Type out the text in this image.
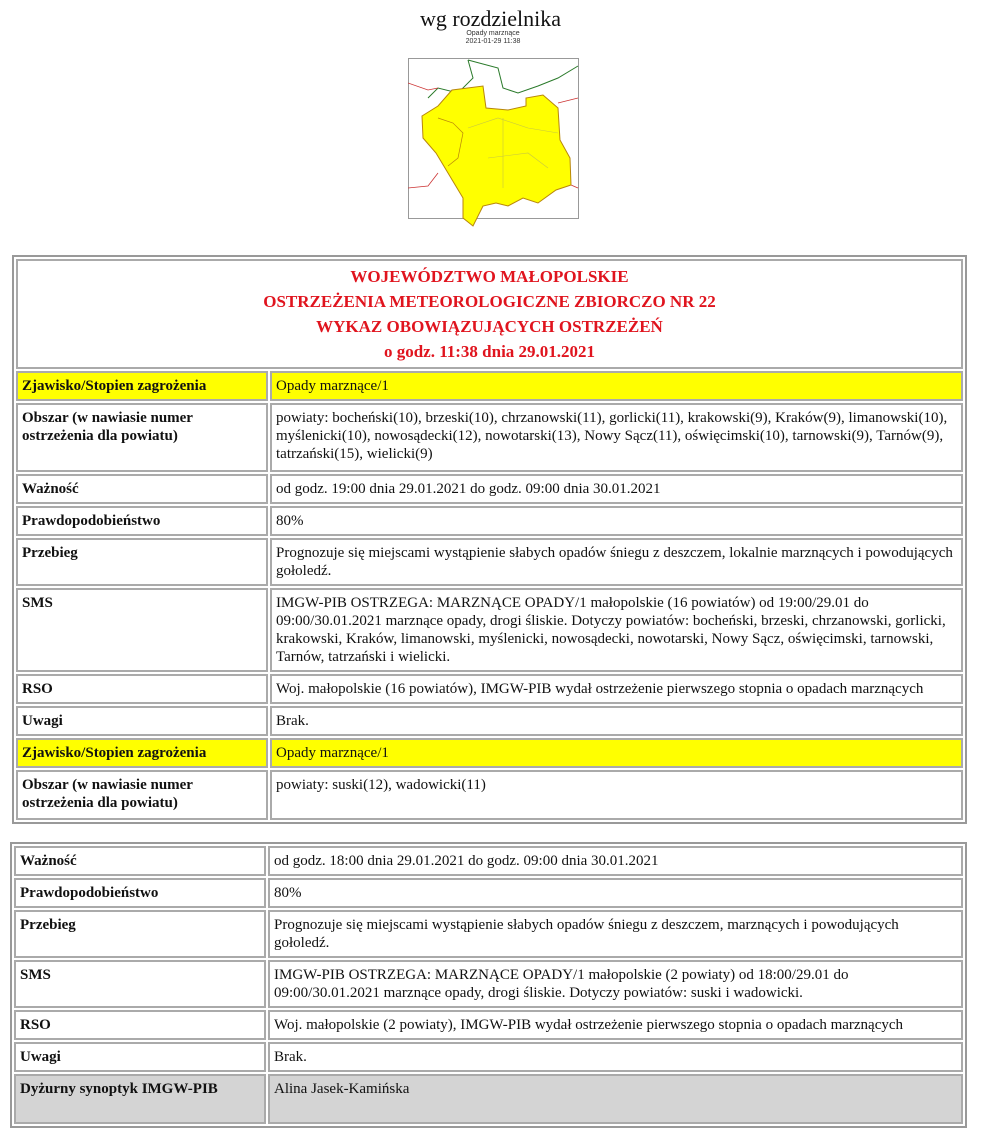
wg rozdzielnika
Opady marznące
2021-01-29 11:38
WOJEWÓDZTWO MAŁOPOLSKIE
OSTRZEŻENIA METEOROLOGICZNE ZBIORCZO NR 22
WYKAZ OBOWIĄZUJĄCYCH OSTRZEŻEŃ
o godz. 11:38 dnia 29.01.2021	

Zjawisko/Stopien zagrożenia	Opady marznące/1
Obszar (w nawiasie numer ostrzeżenia dla powiatu)	powiaty: bocheński(10), brzeski(10), chrzanowski(11), gorlicki(11), krakowski(9), Kraków(9), limanowski(10), myślenicki(10), nowosądecki(12), nowotarski(13), Nowy Sącz(11), oświęcimski(10), tarnowski(9), Tarnów(9), tatrzański(15), wielicki(9)
Ważność	od godz. 19:00 dnia 29.01.2021 do godz. 09:00 dnia 30.01.2021
Prawdopodobieństwo	80%
Przebieg	Prognozuje się miejscami wystąpienie słabych opadów śniegu z deszczem, lokalnie marznących i powodujących gołoledź.
SMS	IMGW-PIB OSTRZEGA: MARZNĄCE OPADY/1 małopolskie (16 powiatów) od 19:00/29.01 do 09:00/30.01.2021 marznące opady, drogi śliskie. Dotyczy powiatów: bocheński, brzeski, chrzanowski, gorlicki, krakowski, Kraków, limanowski, myślenicki, nowosądecki, nowotarski, Nowy Sącz, oświęcimski, tarnowski, Tarnów, tatrzański i wielicki.
RSO	Woj. małopolskie (16 powiatów), IMGW-PIB wydał ostrzeżenie pierwszego stopnia o opadach marznących
Uwagi	Brak.
Zjawisko/Stopien zagrożenia	Opady marznące/1
Obszar (w nawiasie numer ostrzeżenia dla powiatu)	powiaty: suski(12), wadowicki(11)
Ważność	od godz. 18:00 dnia 29.01.2021 do godz. 09:00 dnia 30.01.2021
Prawdopodobieństwo	80%
Przebieg	Prognozuje się miejscami wystąpienie słabych opadów śniegu z deszczem, marznących i powodujących gołoledź.
SMS	IMGW-PIB OSTRZEGA: MARZNĄCE OPADY/1 małopolskie (2 powiaty) od 18:00/29.01 do 09:00/30.01.2021 marznące opady, drogi śliskie. Dotyczy powiatów: suski i wadowicki.
RSO	Woj. małopolskie (2 powiaty), IMGW-PIB wydał ostrzeżenie pierwszego stopnia o opadach marznących
Uwagi	Brak.
Dyżurny synoptyk IMGW-PIB	Alina Jasek-Kamińska
